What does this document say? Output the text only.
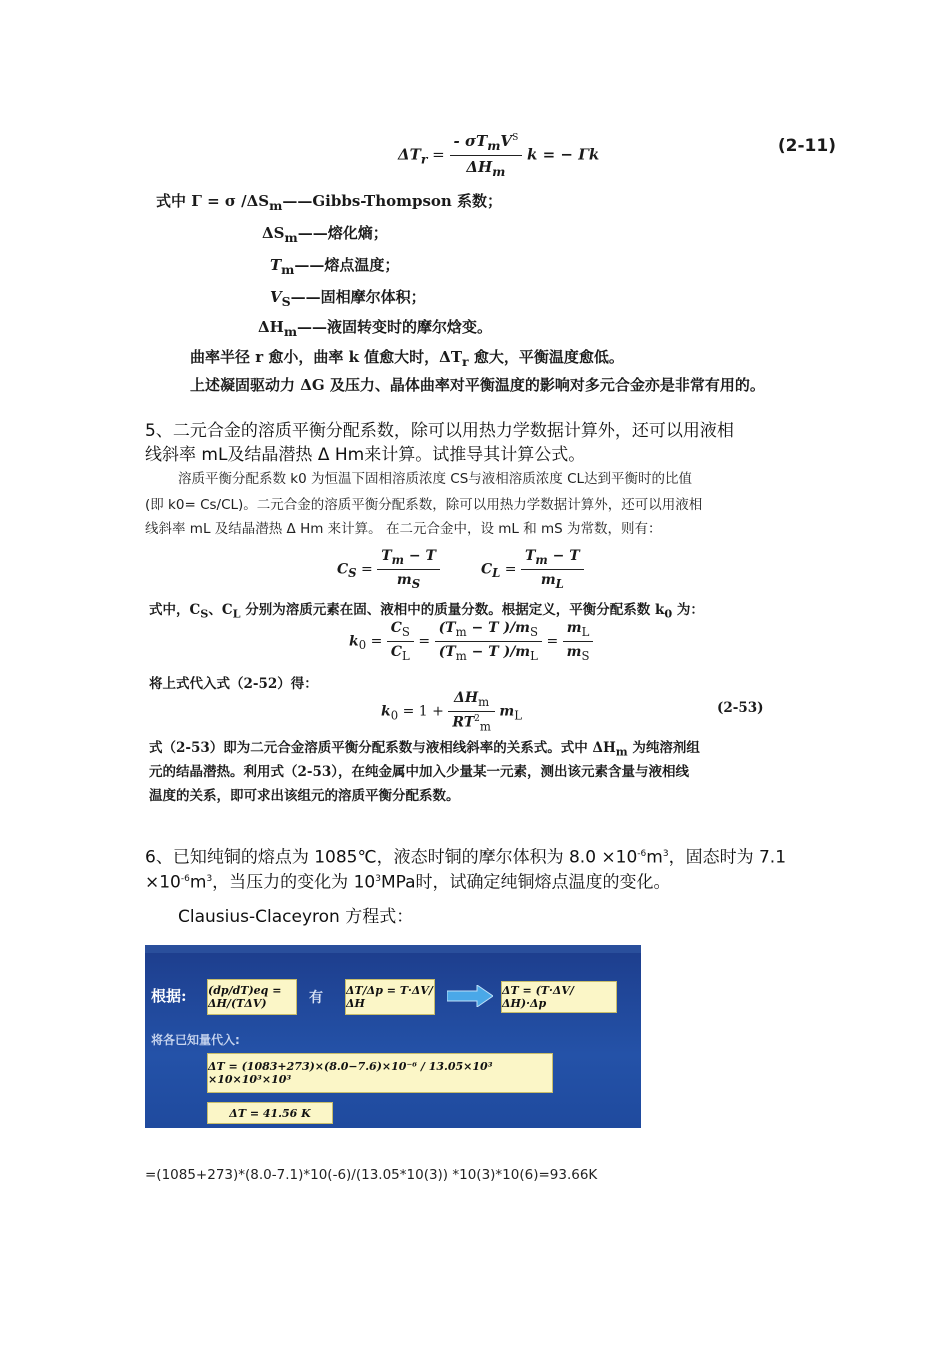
$\Delta T_r = \frac{- \sigma T_mV^S}{\Delta H_m}$ k = − Γk	(2-11)
式中 Γ = σ $/\Delta S_m——Gibbs$-Thompson 系数；
$\Delta S_m——$熔化熵；
$T_m——$熔点温度；
$V_S——$固相摩尔体积；
$\Delta H_m——$液固转变时的摩尔焓变。
曲率半径 r 愈小，曲率 k 值愈大时，$\Delta T_r$ 愈大，平衡温度愈低。
上述凝固驱动力 ΔG 及压力、晶体曲率对平衡温度的影响对多元合金亦是非常有用的。
5、二元合金的溶质平衡分配系数，除可以用热力学数据计算外，还可以用液相
线斜率 mL及结晶潜热 Δ Hm来计算。试推导其计算公式。
溶质平衡分配系数 k0 为恒温下固相溶质浓度 CS与液相溶质浓度 CL达到平衡时的比值
(即 k0= Cs/CL)。二元合金的溶质平衡分配系数，除可以用热力学数据计算外，还可以用液相
线斜率 mL 及结晶潜热 Δ Hm 来计算。 在二元合金中，设 mL 和 mS 为常数，则有：
$C_S = \frac{T_m - T}{m_S}$	$C_L = \frac{T_m - T}{m_L}$
式中，$C_S$、$C_L$ 分别为溶质元素在固、液相中的质量分数。根据定义，平衡分配系数 $k_0$ 为：
$k_0 = \frac{C_S}{C_L} = \frac{(T_m - T )/m_S}{(T_m - T )/m_L} = \frac{m_L}{m_S}$
将上式代入式（2-52）得：
$k_0 = 1 + \frac{\Delta H_m}{RT^2_m} m_L$	(2-53)
式（2-53）即为二元合金溶质平衡分配系数与液相线斜率的关系式。式中 $\Delta H_m$ 为纯溶剂组
元的结晶潜热。利用式（2-53），在纯金属中加入少量某一元素，测出该元素含量与液相线
温度的关系，即可求出该组元的溶质平衡分配系数。
6、已知纯铜的熔点为 1085℃，液态时铜的摩尔体积为 $8.0 \times 10^{-6}m^3$，固态时为 7.1
$\times 10^{-6}m^3$，当压力的变化为 $10^3MPa$时，试确定纯铜熔点温度的变化。
Clausius-Claceyron 方程式：
根据: (dp/dT)eq = ΔH/(TΔV)	有 ΔT/Δp = T·ΔV/ΔH
ΔT = (T·ΔV/ΔH)·Δp
将各已知量代入:
ΔT = (1083+273)×(8.0−7.6)×10⁻⁶ / 13.05×10³ ×10×10³×10³
ΔT = 41.56 K
=(1085+273)*(8.0-7.1)*10(-6)/(13.05*10(3)) *10(3)*10(6)=93.66K
